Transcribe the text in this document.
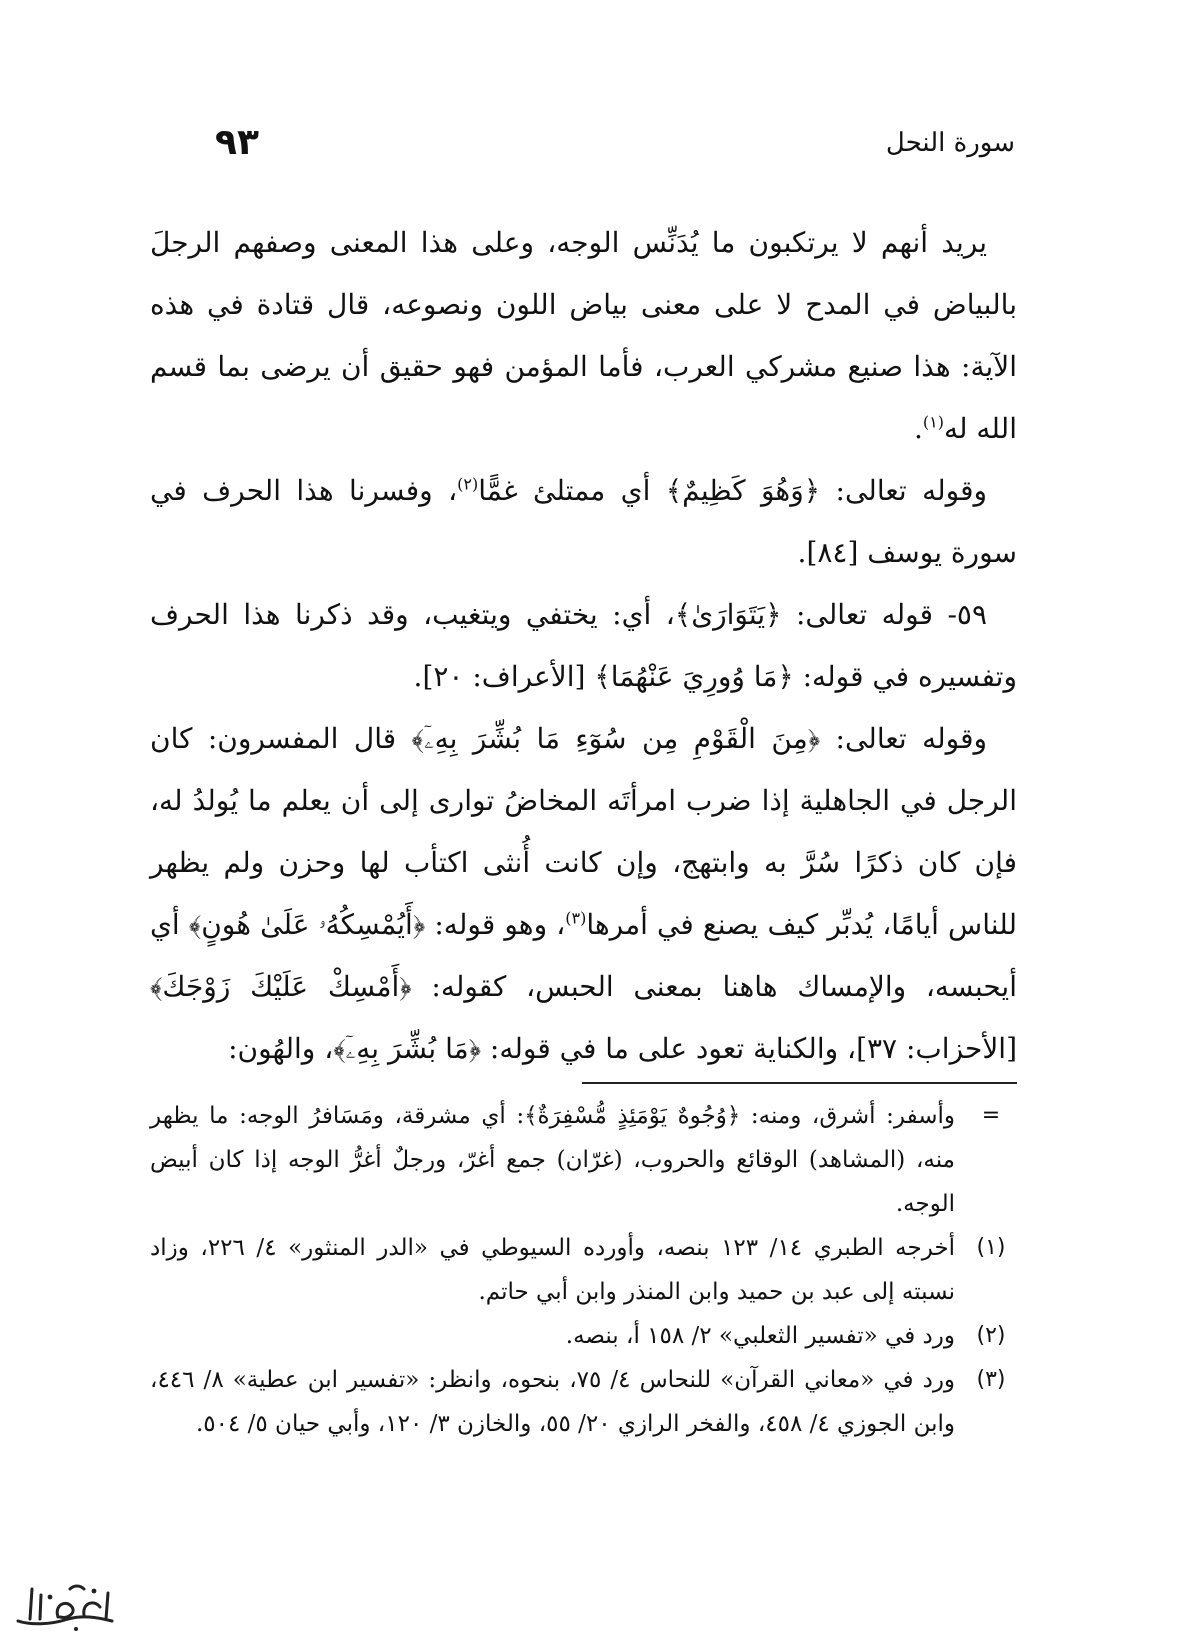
سورة النحل
٩٣

يريد أنهم لا يرتكبون ما يُدَنِّس الوجه، وعلى هذا المعنى وصفهم الرجلَ بالبياض في المدح لا على معنى بياض اللون ونصوعه، قال قتادة في هذه الآية: هذا صنيع مشركي العرب، فأما المؤمن فهو حقيق أن يرضى بما قسم الله له$^{(١)}$.

وقوله تعالى: ﴿وَهُوَ كَظِيمٌ﴾ أي ممتلئ غمًّا$^{(٢)}$، وفسرنا هذا الحرف في سورة يوسف [٨٤].

٥٩- قوله تعالى: ﴿يَتَوَارَىٰ﴾، أي: يختفي ويتغيب، وقد ذكرنا هذا الحرف وتفسيره في قوله: ﴿مَا وُورِيَ عَنْهُمَا﴾ [الأعراف: ٢٠].

وقوله تعالى: ﴿مِنَ الْقَوْمِ مِن سُوٓءِ مَا بُشِّرَ بِهِۦٓ﴾ قال المفسرون: كان الرجل في الجاهلية إذا ضرب امرأتَه المخاضُ توارى إلى أن يعلم ما يُولدُ له، فإن كان ذكرًا سُرَّ به وابتهج، وإن كانت أُنثى اكتأب لها وحزن ولم يظهر للناس أيامًا، يُدبِّر كيف يصنع في أمرها$^{(٣)}$، وهو قوله: ﴿أَيُمْسِكُهُۥ عَلَىٰ هُونٍ﴾ أي أيحبسه، والإمساك هاهنا بمعنى الحبس، كقوله: ﴿أَمْسِكْ عَلَيْكَ زَوْجَكَ﴾ [الأحزاب: ٣٧]، والكناية تعود على ما في قوله: ﴿مَا بُشِّرَ بِهِۦٓ﴾، والهُون:

=
وأسفر: أشرق، ومنه: ﴿وُجُوهٌ يَوْمَئِذٍ مُّسْفِرَةٌ﴾: أي مشرقة، ومَسَافرُ الوجه: ما يظهر منه، (المشاهد) الوقائع والحروب، (غرّان) جمع أغرّ، ورجلٌ أغرُّ الوجه إذا كان أبيض الوجه.
(١)
أخرجه الطبري ١٤/ ١٢٣ بنصه، وأورده السيوطي في «الدر المنثور» ٤/ ٢٢٦، وزاد نسبته إلى عبد بن حميد وابن المنذر وابن أبي حاتم.
(٢)
ورد في «تفسير الثعلبي» ٢/ ١٥٨ أ، بنصه.
(٣)
ورد في «معاني القرآن» للنحاس ٤/ ٧٥، بنحوه، وانظر: «تفسير ابن عطية» ٨/ ٤٤٦، وابن الجوزي ٤/ ٤٥٨، والفخر الرازي ٢٠/ ٥٥، والخازن ٣/ ١٢٠، وأبي حيان ٥/ ٥٠٤.
